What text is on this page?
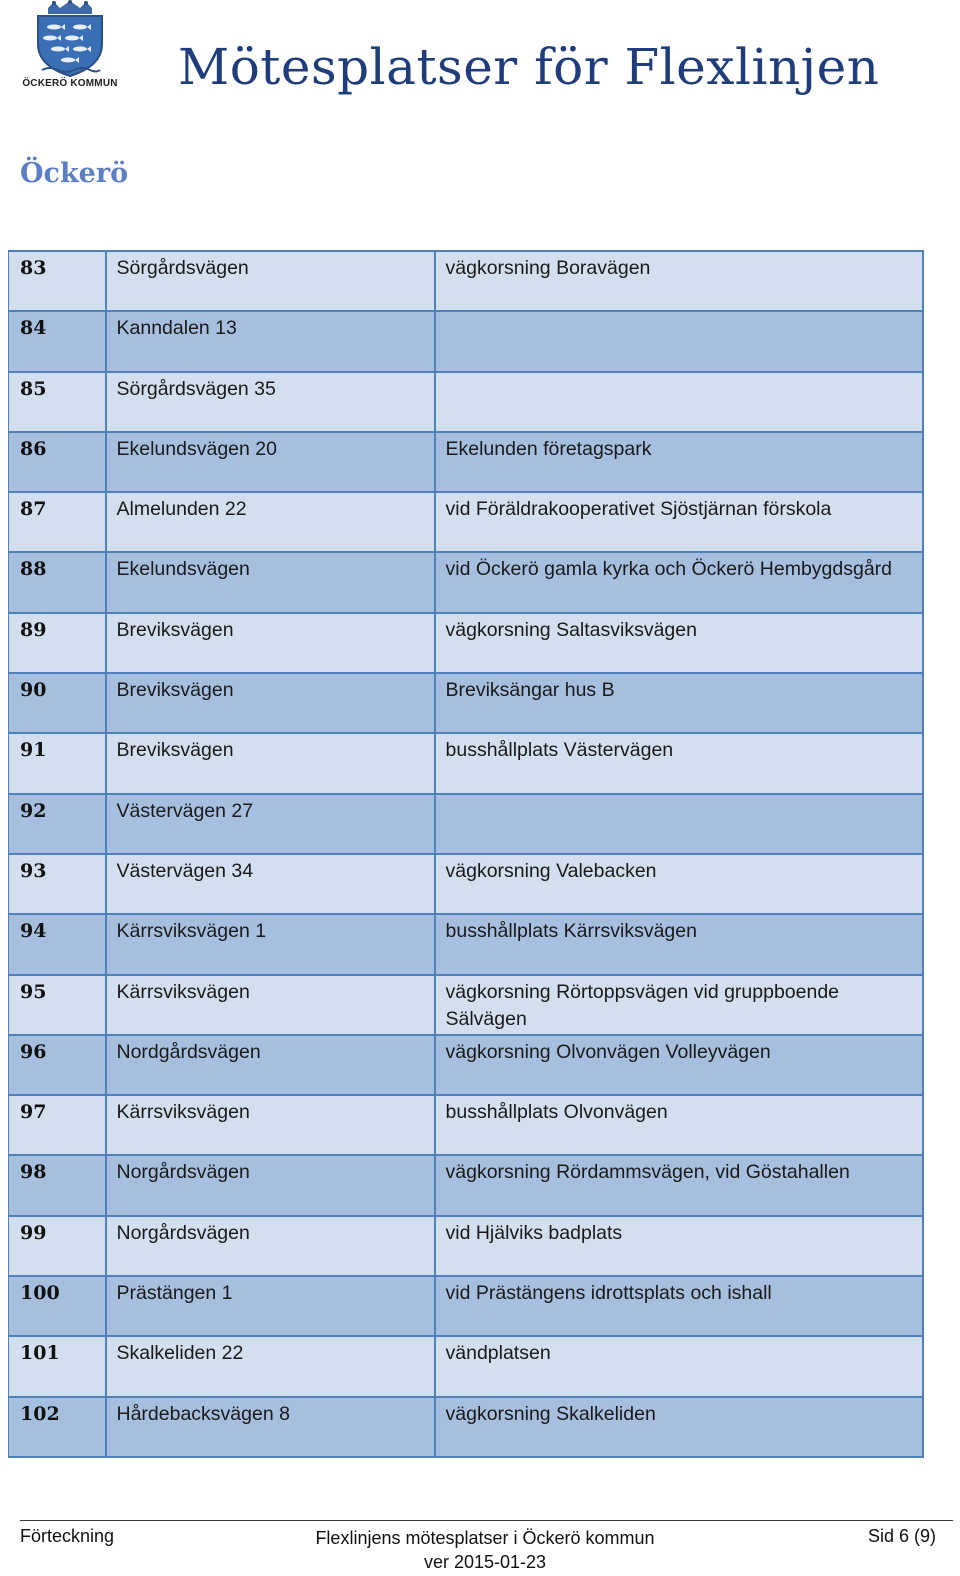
ÖCKERÖ KOMMUN Mötesplatser för Flexlinjen
Öckerö
83	Sörgårdsvägen	vägkorsning Boravägen
84	Kanndalen 13	
85	Sörgårdsvägen 35	
86	Ekelundsvägen 20	Ekelunden företagspark
87	Almelunden 22	vid Föräldrakooperativet Sjöstjärnan förskola
88	Ekelundsvägen	vid Öckerö gamla kyrka och Öckerö Hembygdsgård
89	Breviksvägen	vägkorsning Saltasviksvägen
90	Breviksvägen	Breviksängar hus B
91	Breviksvägen	busshållplats Västervägen
92	Västervägen 27	
93	Västervägen 34	vägkorsning Valebacken
94	Kärrsviksvägen 1	busshållplats Kärrsviksvägen
95	Kärrsviksvägen	vägkorsning Rörtoppsvägen vid gruppboende Sälvägen
96	Nordgårdsvägen	vägkorsning Olvonvägen Volleyvägen
97	Kärrsviksvägen	busshållplats Olvonvägen
98	Norgårdsvägen	vägkorsning Rördammsvägen, vid Göstahallen
99	Norgårdsvägen	vid Hjälviks badplats
100	Prästängen 1	vid Prästängens idrottsplats och ishall
101	Skalkeliden 22	vändplatsen
102	Hårdebacksvägen 8	vägkorsning Skalkeliden
Förteckning	Flexlinjens mötesplatser i Öckerö kommun
ver 2015-01-23
Sid 6 (9)
